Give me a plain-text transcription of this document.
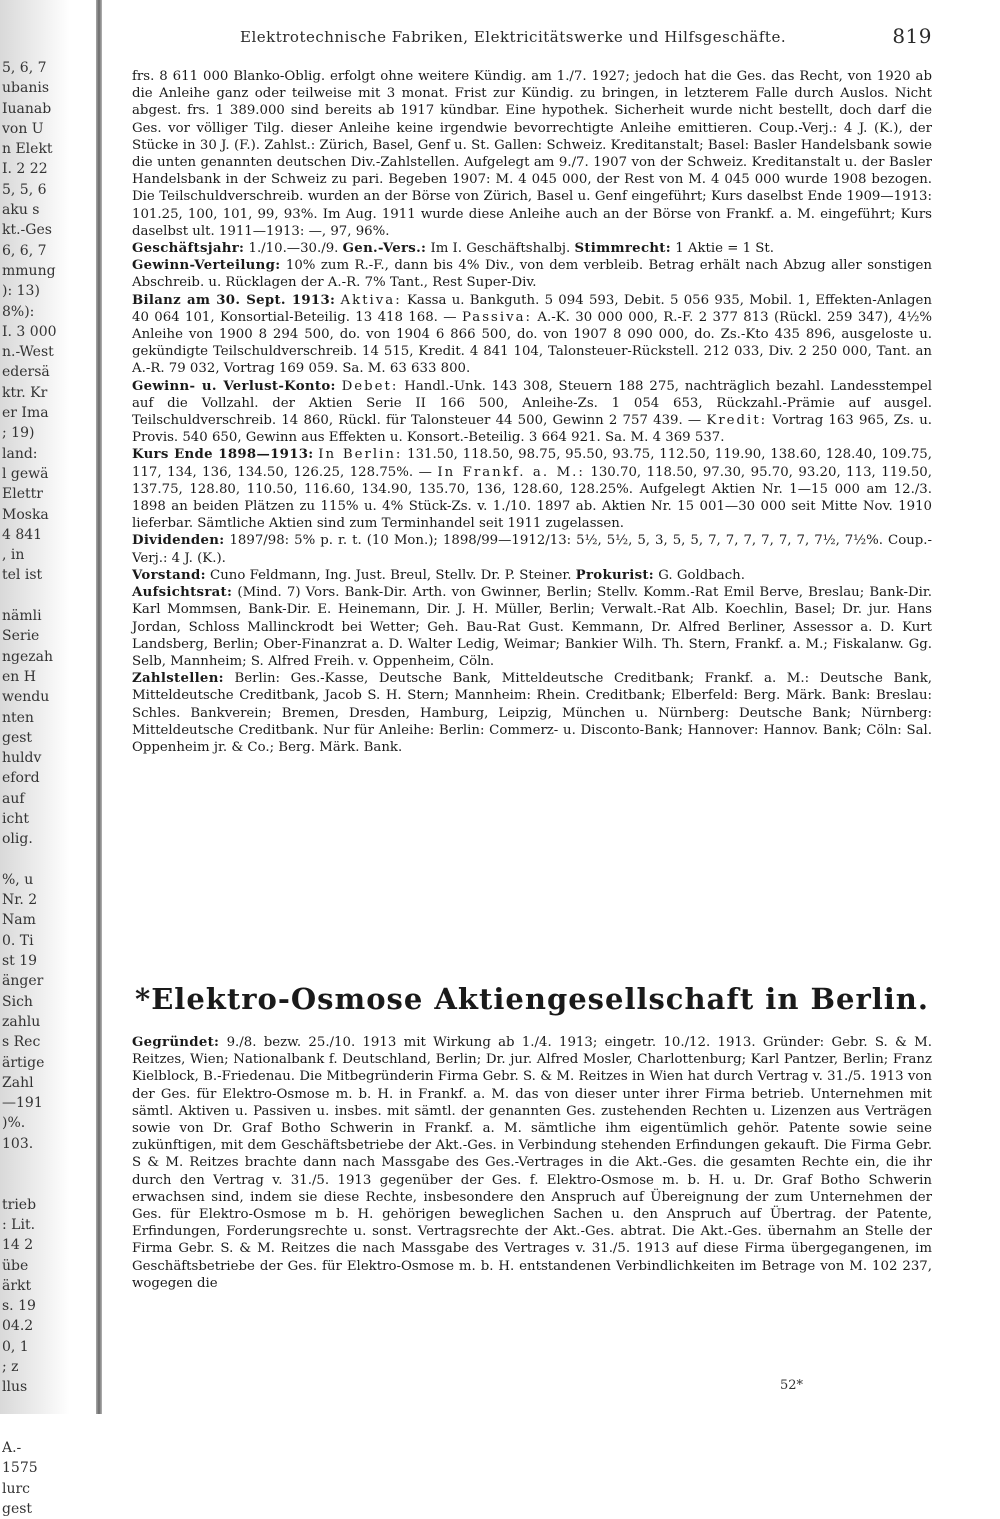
5, 6, 7
ubanis
Iuanab
von U
n Elekt
I. 2 22
5, 5, 6
aku s
kt.-Ges
6, 6, 7
mmung
): 13)
8%):
I. 3 000
n.-West
edersä
ktr. Kr
er Ima
; 19)
land:
l gewä
Elettr
Moska
4 841
, in
tel ist
nämli
Serie
ngezah
en H
wendu
nten
gest
huldv
eford
auf
icht
olig.
%, u
Nr. 2
Nam
0. Ti
st 19
änger
Sich
zahlu
s Rec
ärtige
Zahl
—191
)%.
103.
trieb
: Lit.
14 2
übe
ärkt
s. 19
04.2
0, 1
; z
llus
A.-
1575
lurc
gest
Elektrotechnische Fabriken, Elektricitätswerke und Hilfsgeschäfte.	819

frs. 8 611 000 Blanko-Oblig. erfolgt ohne weitere Kündig. am 1./7. 1927; jedoch hat die Ges. das Recht, von 1920 ab die Anleihe ganz oder teilweise mit 3 monat. Frist zur Kündig. zu bringen, in letzterem Falle durch Auslos. Nicht abgest. frs. 1 389.000 sind bereits ab 1917 kündbar. Eine hypothek. Sicherheit wurde nicht bestellt, doch darf die Ges. vor völliger Tilg. dieser Anleihe keine irgendwie bevorrechtigte Anleihe emittieren. Coup.-Verj.: 4 J. (K.), der Stücke in 30 J. (F.). Zahlst.: Zürich, Basel, Genf u. St. Gallen: Schweiz. Kreditanstalt; Basel: Basler Handelsbank sowie die unten genannten deutschen Div.-Zahlstellen. Aufgelegt am 9./7. 1907 von der Schweiz. Kreditanstalt u. der Basler Handelsbank in der Schweiz zu pari. Begeben 1907: M. 4 045 000, der Rest von M. 4 045 000 wurde 1908 bezogen. Die Teilschuldverschreib. wurden an der Börse von Zürich, Basel u. Genf eingeführt; Kurs daselbst Ende 1909—1913: 101.25, 100, 101, 99, 93%. Im Aug. 1911 wurde diese Anleihe auch an der Börse von Frankf. a. M. eingeführt; Kurs daselbst ult. 1911—1913: —, 97, 96%.

Geschäftsjahr: 1./10.—30./9. Gen.-Vers.: Im I. Geschäftshalbj. Stimmrecht: 1 Aktie = 1 St.

Gewinn-Verteilung: 10% zum R.-F., dann bis 4% Div., von dem verbleib. Betrag erhält nach Abzug aller sonstigen Abschreib. u. Rücklagen der A.-R. 7% Tant., Rest Super-Div.

Bilanz am 30. Sept. 1913: Aktiva: Kassa u. Bankguth. 5 094 593, Debit. 5 056 935, Mobil. 1, Effekten-Anlagen 40 064 101, Konsortial-Beteilig. 13 418 168. — Passiva: A.-K. 30 000 000, R.-F. 2 377 813 (Rückl. 259 347), 4½% Anleihe von 1900 8 294 500, do. von 1904 6 866 500, do. von 1907 8 090 000, do. Zs.-Kto 435 896, ausgeloste u. gekündigte Teilschuldverschreib. 14 515, Kredit. 4 841 104, Talonsteuer-Rückstell. 212 033, Div. 2 250 000, Tant. an A.-R. 79 032, Vortrag 169 059. Sa. M. 63 633 800.

Gewinn- u. Verlust-Konto: Debet: Handl.-Unk. 143 308, Steuern 188 275, nachträglich bezahl. Landesstempel auf die Vollzahl. der Aktien Serie II 166 500, Anleihe-Zs. 1 054 653, Rückzahl.-Prämie auf ausgel. Teilschuldverschreib. 14 860, Rückl. für Talonsteuer 44 500, Gewinn 2 757 439. — Kredit: Vortrag 163 965, Zs. u. Provis. 540 650, Gewinn aus Effekten u. Konsort.-Beteilig. 3 664 921. Sa. M. 4 369 537.

Kurs Ende 1898—1913: In Berlin: 131.50, 118.50, 98.75, 95.50, 93.75, 112.50, 119.90, 138.60, 128.40, 109.75, 117, 134, 136, 134.50, 126.25, 128.75%. — In Frankf. a. M.: 130.70, 118.50, 97.30, 95.70, 93.20, 113, 119.50, 137.75, 128.80, 110.50, 116.60, 134.90, 135.70, 136, 128.60, 128.25%. Aufgelegt Aktien Nr. 1—15 000 am 12./3. 1898 an beiden Plätzen zu 115% u. 4% Stück-Zs. v. 1./10. 1897 ab. Aktien Nr. 15 001—30 000 seit Mitte Nov. 1910 lieferbar. Sämtliche Aktien sind zum Terminhandel seit 1911 zugelassen.

Dividenden: 1897/98: 5% p. r. t. (10 Mon.); 1898/99—1912/13: 5½, 5½, 5, 3, 5, 5, 7, 7, 7, 7, 7, 7, 7½, 7½%. Coup.-Verj.: 4 J. (K.).

Vorstand: Cuno Feldmann, Ing. Just. Breul, Stellv. Dr. P. Steiner. Prokurist: G. Goldbach.

Aufsichtsrat: (Mind. 7) Vors. Bank-Dir. Arth. von Gwinner, Berlin; Stellv. Komm.-Rat Emil Berve, Breslau; Bank-Dir. Karl Mommsen, Bank-Dir. E. Heinemann, Dir. J. H. Müller, Berlin; Verwalt.-Rat Alb. Koechlin, Basel; Dr. jur. Hans Jordan, Schloss Mallinckrodt bei Wetter; Geh. Bau-Rat Gust. Kemmann, Dr. Alfred Berliner, Assessor a. D. Kurt Landsberg, Berlin; Ober-Finanzrat a. D. Walter Ledig, Weimar; Bankier Wilh. Th. Stern, Frankf. a. M.; Fiskalanw. Gg. Selb, Mannheim; S. Alfred Freih. v. Oppenheim, Cöln.

Zahlstellen: Berlin: Ges.-Kasse, Deutsche Bank, Mitteldeutsche Creditbank; Frankf. a. M.: Deutsche Bank, Mitteldeutsche Creditbank, Jacob S. H. Stern; Mannheim: Rhein. Creditbank; Elberfeld: Berg. Märk. Bank: Breslau: Schles. Bankverein; Bremen, Dresden, Hamburg, Leipzig, München u. Nürnberg: Deutsche Bank; Nürnberg: Mitteldeutsche Creditbank. Nur für Anleihe: Berlin: Commerz- u. Disconto-Bank; Hannover: Hannov. Bank; Cöln: Sal. Oppenheim jr. & Co.; Berg. Märk. Bank.

*Elektro-Osmose Aktiengesellschaft in Berlin.

Gegründet: 9./8. bezw. 25./10. 1913 mit Wirkung ab 1./4. 1913; eingetr. 10./12. 1913. Gründer: Gebr. S. & M. Reitzes, Wien; Nationalbank f. Deutschland, Berlin; Dr. jur. Alfred Mosler, Charlottenburg; Karl Pantzer, Berlin; Franz Kielblock, B.-Friedenau. Die Mitbegründerin Firma Gebr. S. & M. Reitzes in Wien hat durch Vertrag v. 31./5. 1913 von der Ges. für Elektro-Osmose m. b. H. in Frankf. a. M. das von dieser unter ihrer Firma betrieb. Unternehmen mit sämtl. Aktiven u. Passiven u. insbes. mit sämtl. der genannten Ges. zustehenden Rechten u. Lizenzen aus Verträgen sowie von Dr. Graf Botho Schwerin in Frankf. a. M. sämtliche ihm eigentümlich gehör. Patente sowie seine zukünftigen, mit dem Geschäftsbetriebe der Akt.-Ges. in Verbindung stehenden Erfindungen gekauft. Die Firma Gebr. S & M. Reitzes brachte dann nach Massgabe des Ges.-Vertrages in die Akt.-Ges. die gesamten Rechte ein, die ihr durch den Vertrag v. 31./5. 1913 gegenüber der Ges. f. Elektro-Osmose m. b. H. u. Dr. Graf Botho Schwerin erwachsen sind, indem sie diese Rechte, insbesondere den Anspruch auf Übereignung der zum Unternehmen der Ges. für Elektro-Osmose m b. H. gehörigen beweglichen Sachen u. den Anspruch auf Übertrag. der Patente, Erfindungen, Forderungsrechte u. sonst. Vertragsrechte der Akt.-Ges. abtrat. Die Akt.-Ges. übernahm an Stelle der Firma Gebr. S. & M. Reitzes die nach Massgabe des Vertrages v. 31./5. 1913 auf diese Firma übergegangenen, im Geschäftsbetriebe der Ges. für Elektro-Osmose m. b. H. entstandenen Verbindlichkeiten im Betrage von M. 102 237, wogegen die

52*
